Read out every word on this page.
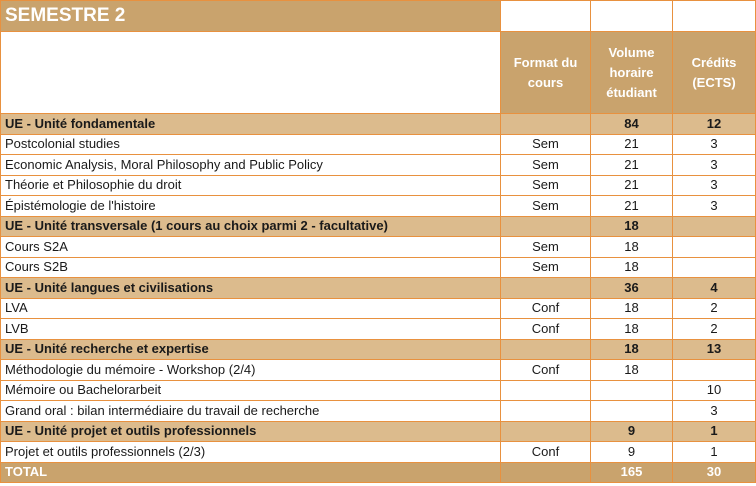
SEMESTRE 2			
	Format du cours	Volume horaire étudiant	Crédits (ECTS)
UE - Unité fondamentale		84	12
Postcolonial studies	Sem	21	3
Economic Analysis, Moral Philosophy and Public Policy	Sem	21	3
Théorie et Philosophie du droit	Sem	21	3
Épistémologie de l'histoire	Sem	21	3
UE - Unité transversale (1 cours au choix parmi 2 - facultative)		18	
Cours S2A	Sem	18	
Cours S2B	Sem	18	
UE - Unité langues et civilisations		36	4
LVA	Conf	18	2
LVB	Conf	18	2
UE - Unité recherche et expertise		18	13
Méthodologie du mémoire - Workshop (2/4)	Conf	18	
Mémoire ou Bachelorarbeit			10
Grand oral : bilan intermédiaire du travail de recherche			3
UE - Unité projet et outils professionnels		9	1
Projet et outils professionnels (2/3)	Conf	9	1
TOTAL		165	30
